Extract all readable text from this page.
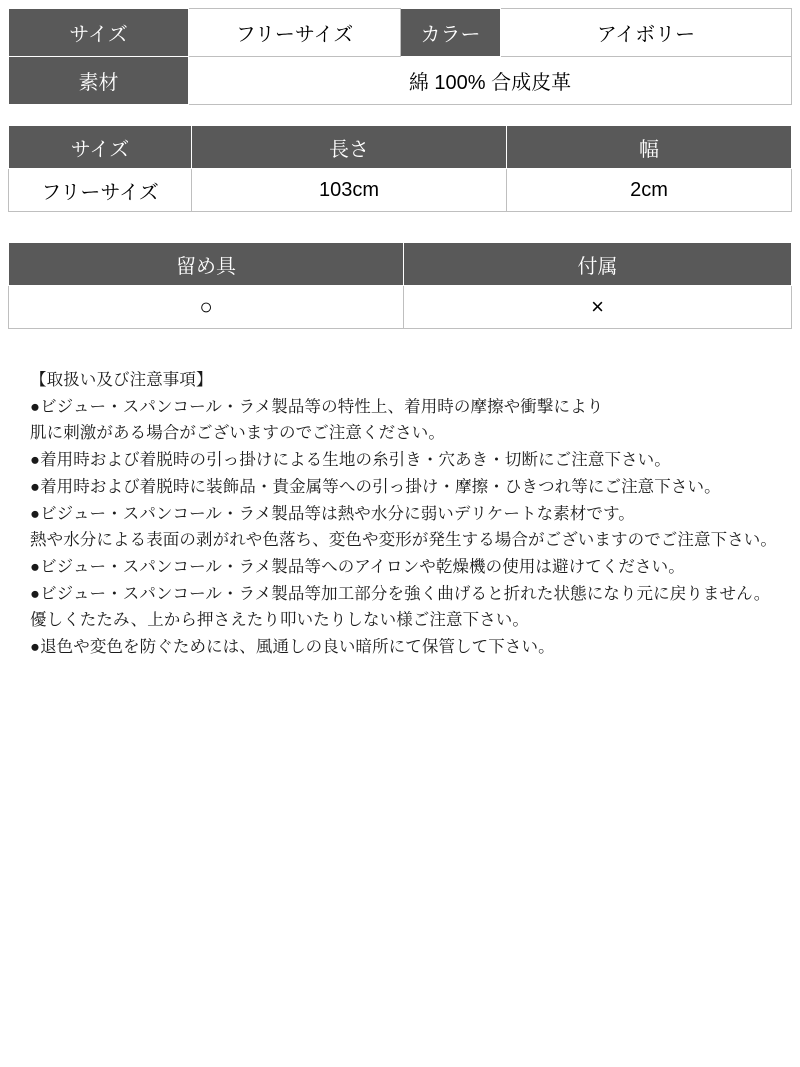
サイズ	フリーサイズ	カラー	アイボリー
素材	綿 100% 合成皮革		
サイズ	長さ	幅
フリーサイズ	103cm	2cm
留め具	付属
○	×
【取扱い及び注意事項】
●ビジュー・スパンコール・ラメ製品等の特性上、着用時の摩擦や衝撃により
肌に刺激がある場合がございますのでご注意ください。
●着用時および着脱時の引っ掛けによる生地の糸引き・穴あき・切断にご注意下さい。
●着用時および着脱時に装飾品・貴金属等への引っ掛け・摩擦・ひきつれ等にご注意下さい。
●ビジュー・スパンコール・ラメ製品等は熱や水分に弱いデリケートな素材です。
熱や水分による表面の剥がれや色落ち、変色や変形が発生する場合がございますのでご注意下さい。
●ビジュー・スパンコール・ラメ製品等へのアイロンや乾燥機の使用は避けてください。
●ビジュー・スパンコール・ラメ製品等加工部分を強く曲げると折れた状態になり元に戻りません。
優しくたたみ、上から押さえたり叩いたりしない様ご注意下さい。
●退色や変色を防ぐためには、風通しの良い暗所にて保管して下さい。
